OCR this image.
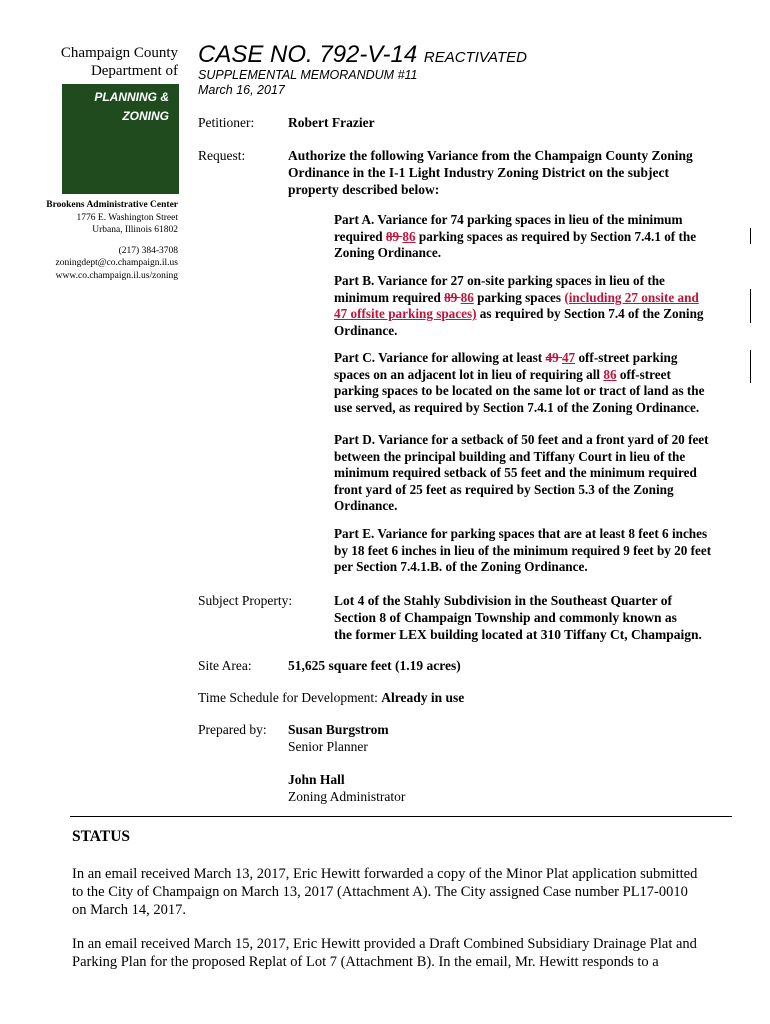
Champaign County
Department of
PLANNING &
ZONING
Brookens Administrative Center
1776 E. Washington Street
Urbana, Illinois 61802
(217) 384-3708
zoningdept@co.champaign.il.us
www.co.champaign.il.us/zoning
CASE NO. 792-V-14 REACTIVATED
SUPPLEMENTAL MEMORANDUM #11
March 16, 2017
Petitioner:	Robert Frazier
Request:	Authorize the following Variance from the Champaign County Zoning
Ordinance in the I-1 Light Industry Zoning District on the subject
property described below:
Part A. Variance for 74 parking spaces in lieu of the minimum
required 89 86 parking spaces as required by Section 7.4.1 of the
Zoning Ordinance.
Part B. Variance for 27 on-site parking spaces in lieu of the
minimum required 89 86 parking spaces (including 27 onsite and
47 offsite parking spaces) as required by Section 7.4 of the Zoning
Ordinance.
Part C. Variance for allowing at least 49 47 off-street parking
spaces on an adjacent lot in lieu of requiring all 86 off-street
parking spaces to be located on the same lot or tract of land as the
use served, as required by Section 7.4.1 of the Zoning Ordinance.
Part D. Variance for a setback of 50 feet and a front yard of 20 feet
between the principal building and Tiffany Court in lieu of the
minimum required setback of 55 feet and the minimum required
front yard of 25 feet as required by Section 5.3 of the Zoning
Ordinance.
Part E. Variance for parking spaces that are at least 8 feet 6 inches
by 18 feet 6 inches in lieu of the minimum required 9 feet by 20 feet
per Section 7.4.1.B. of the Zoning Ordinance.
Subject Property:	Lot 4 of the Stahly Subdivision in the Southeast Quarter of
Section 8 of Champaign Township and commonly known as
the former LEX building located at 310 Tiffany Ct, Champaign.
Site Area:	51,625 square feet (1.19 acres)
Time Schedule for Development: Already in use
Prepared by: Susan Burgstrom
Senior Planner
John Hall
Zoning Administrator
STATUS
In an email received March 13, 2017, Eric Hewitt forwarded a copy of the Minor Plat application submitted
to the City of Champaign on March 13, 2017 (Attachment A). The City assigned Case number PL17-0010
on March 14, 2017.
In an email received March 15, 2017, Eric Hewitt provided a Draft Combined Subsidiary Drainage Plat and
Parking Plan for the proposed Replat of Lot 7 (Attachment B). In the email, Mr. Hewitt responds to a
